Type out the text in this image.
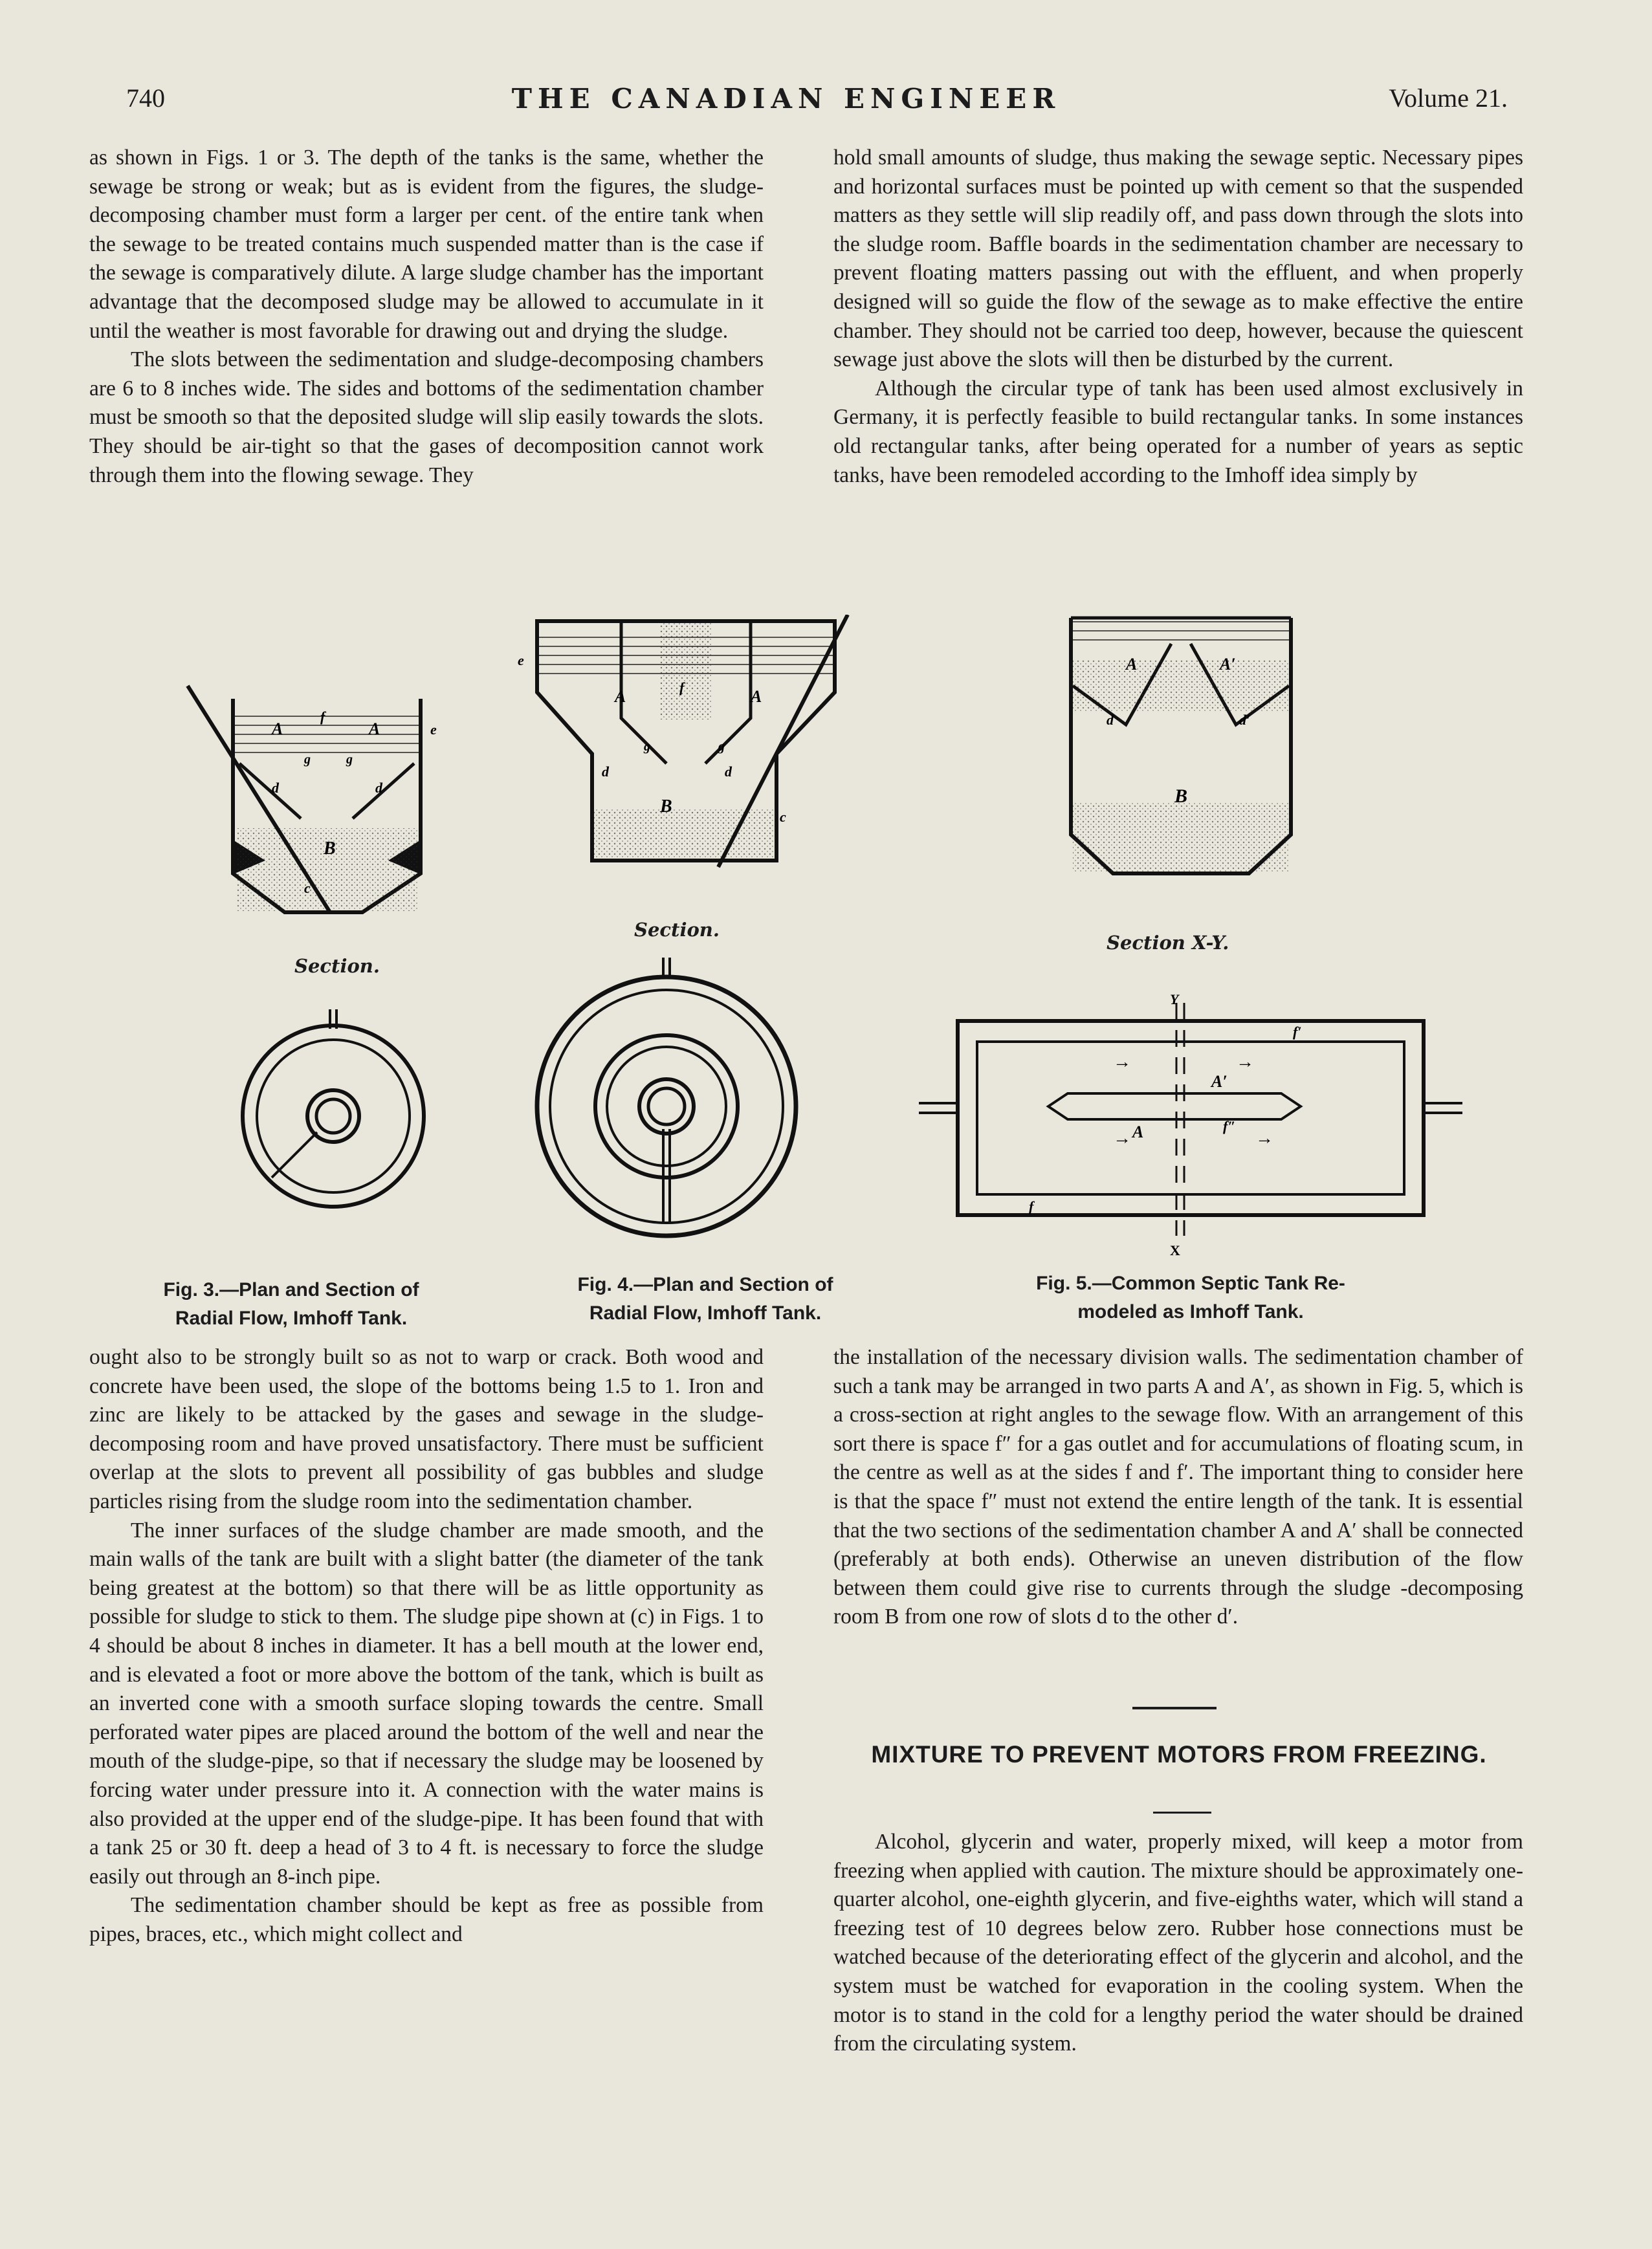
740	THE CANADIAN ENGINEER	Volume 21.

as shown in Figs. 1 or 3. The depth of the tanks is the same, whether the sewage be strong or weak; but as is evident from the figures, the sludge-decomposing chamber must form a larger per cent. of the entire tank when the sewage to be treated contains much suspended matter than is the case if the sewage is comparatively dilute. A large sludge chamber has the important advantage that the decomposed sludge may be allowed to accumulate in it until the weather is most favorable for drawing out and drying the sludge.

The slots between the sedimentation and sludge-decomposing chambers are 6 to 8 inches wide. The sides and bottoms of the sedimentation chamber must be smooth so that the deposited sludge will slip easily towards the slots. They should be air-tight so that the gases of decomposition cannot work through them into the flowing sewage. They

hold small amounts of sludge, thus making the sewage septic. Necessary pipes and horizontal surfaces must be pointed up with cement so that the suspended matters as they settle will slip readily off, and pass down through the slots into the sludge room. Baffle boards in the sedimentation chamber are necessary to prevent floating matters passing out with the effluent, and when properly designed will so guide the flow of the sewage as to make effective the entire chamber. They should not be carried too deep, however, because the quiescent sewage just above the slots will then be disturbed by the current.

Although the circular type of tank has been used almost exclusively in Germany, it is perfectly feasible to build rectangular tanks. In some instances old rectangular tanks, after being operated for a number of years as septic tanks, have been remodeled according to the Imhoff idea simply by

A	A
B
d	d
e
f
g	g
c
Section.
A	A
B
d	d
e
f
g	g
c
Section.
A	A′
B
d	d′
Section X-Y.
A
A′
f′
f″
f
Y
X
→
→
→
→
Fig. 3.—Plan and Section of
Radial Flow, Imhoff Tank.
Fig. 4.—Plan and Section of
Radial Flow, Imhoff Tank.
Fig. 5.—Common Septic Tank Re-
modeled as Imhoff Tank.

ought also to be strongly built so as not to warp or crack. Both wood and concrete have been used, the slope of the bottoms being 1.5 to 1. Iron and zinc are likely to be attacked by the gases and sewage in the sludge-decomposing room and have proved unsatisfactory. There must be sufficient overlap at the slots to prevent all possibility of gas bubbles and sludge particles rising from the sludge room into the sedimentation chamber.

The inner surfaces of the sludge chamber are made smooth, and the main walls of the tank are built with a slight batter (the diameter of the tank being greatest at the bottom) so that there will be as little opportunity as possible for sludge to stick to them. The sludge pipe shown at (c) in Figs. 1 to 4 should be about 8 inches in diameter. It has a bell mouth at the lower end, and is elevated a foot or more above the bottom of the tank, which is built as an inverted cone with a smooth surface sloping towards the centre. Small perforated water pipes are placed around the bottom of the well and near the mouth of the sludge-pipe, so that if necessary the sludge may be loosened by forcing water under pressure into it. A connection with the water mains is also provided at the upper end of the sludge-pipe. It has been found that with a tank 25 or 30 ft. deep a head of 3 to 4 ft. is necessary to force the sludge easily out through an 8-inch pipe.

The sedimentation chamber should be kept as free as possible from pipes, braces, etc., which might collect and

the installation of the necessary division walls. The sedimentation chamber of such a tank may be arranged in two parts A and A′, as shown in Fig. 5, which is a cross-section at right angles to the sewage flow. With an arrangement of this sort there is space f″ for a gas outlet and for accumulations of floating scum, in the centre as well as at the sides f and f′. The important thing to consider here is that the space f″ must not extend the entire length of the tank. It is essential that the two sections of the sedimentation chamber A and A′ shall be connected (preferably at both ends). Otherwise an uneven distribution of the flow between them could give rise to currents through the sludge -decomposing room B from one row of slots d to the other d′.

MIXTURE TO PREVENT MOTORS FROM FREEZING.

Alcohol, glycerin and water, properly mixed, will keep a motor from freezing when applied with caution. The mixture should be approximately one-quarter alcohol, one-eighth glycerin, and five-eighths water, which will stand a freezing test of 10 degrees below zero. Rubber hose connections must be watched because of the deteriorating effect of the glycerin and alcohol, and the system must be watched for evaporation in the cooling system. When the motor is to stand in the cold for a lengthy period the water should be drained from the circulating system.
